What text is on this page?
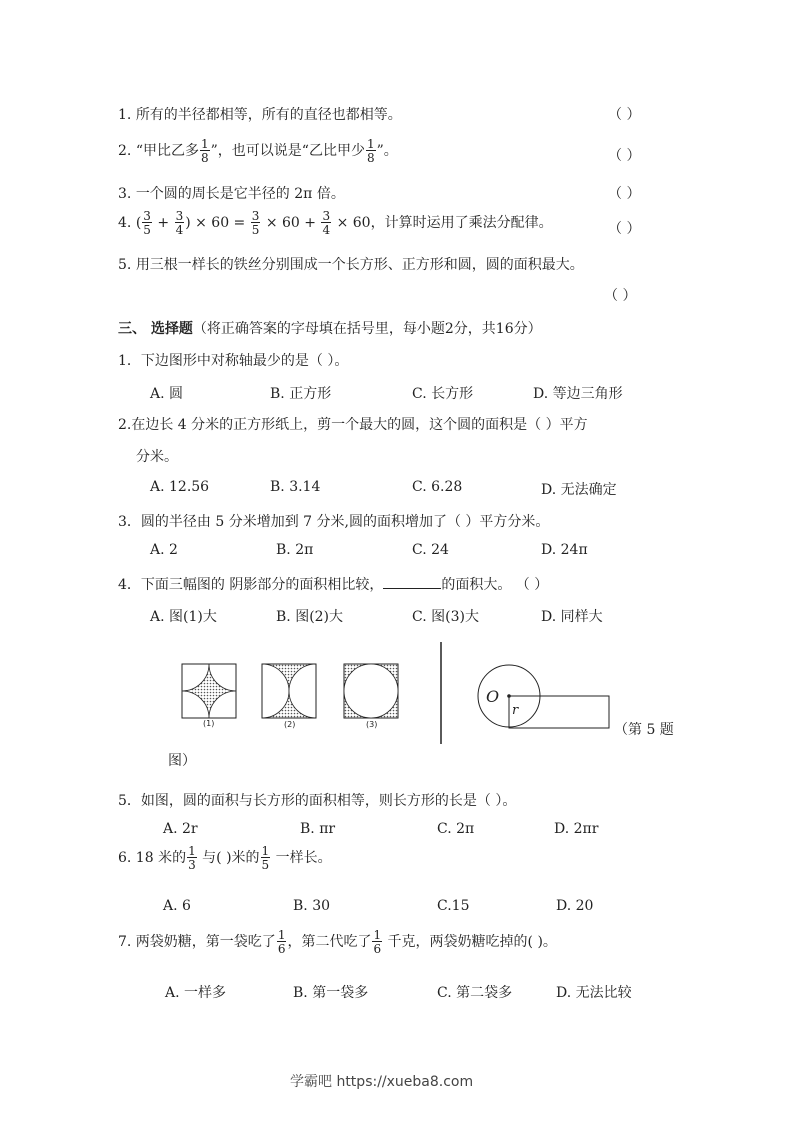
1. 所有的半径都相等，所有的直径也都相等。	（ ）
2. “甲比乙多 $\frac{1}{8}$ ”，也可以说是“乙比甲少 $\frac{1}{8}$ ”。	（ ）
3. 一个圆的周长是它半径的 2π 倍。	（ ）
4. ( $\frac{3}{5} + \frac{3}{4}$ ) × $60 = \frac{3}{5} \times 60 + \frac{3}{4} \times 60$，计算时运用了乘法分配律。	（ ）
5. 用三根一样长的铁丝分别围成一个长方形、正方形和圆，圆的面积最大。
（ ）
三、 选择题（将正确答案的字母填在括号里，每小题2分，共16分）
1．下边图形中对称轴最少的是（ ）。
A. 圆	B. 正方形	C. 长方形	D. 等边三角形
2.在边长 4 分米的正方形纸上，剪一个最大的圆，这个圆的面积是（ ）平方
分米。
A. 12.56	B. 3.14	C. 6.28	D. 无法确定
3．圆的半径由 5 分米增加到 7 分米,圆的面积增加了（ ）平方分米。
A. 2	B. 2π	C. 24	D. 24π
4．下面三幅图的 阴影部分的面积相比较，	的面积大。 （ ）
A. 图(1)大	B. 图(2)大	C. 图(3)大	D. 同样大
(1)	(2)	(3)
O
r
（第 5 题
图）
5．如图，圆的面积与长方形的面积相等，则长方形的长是（ ）。
A. 2r	B. πr	C. 2π	D. 2πr
6. 18 米的 $\frac{1}{3}$ 与( )米的 $\frac{1}{5}$ 一样长。
A. 6	B. 30	C.15	D. 20
7. 两袋奶糖，第一袋吃了 $\frac{1}{6}$ ，第二代吃了 $\frac{1}{6}$ 千克，两袋奶糖吃掉的( )。
A. 一样多	B. 第一袋多	C. 第二袋多	D. 无法比较
学霸吧 https://xueba8.com
